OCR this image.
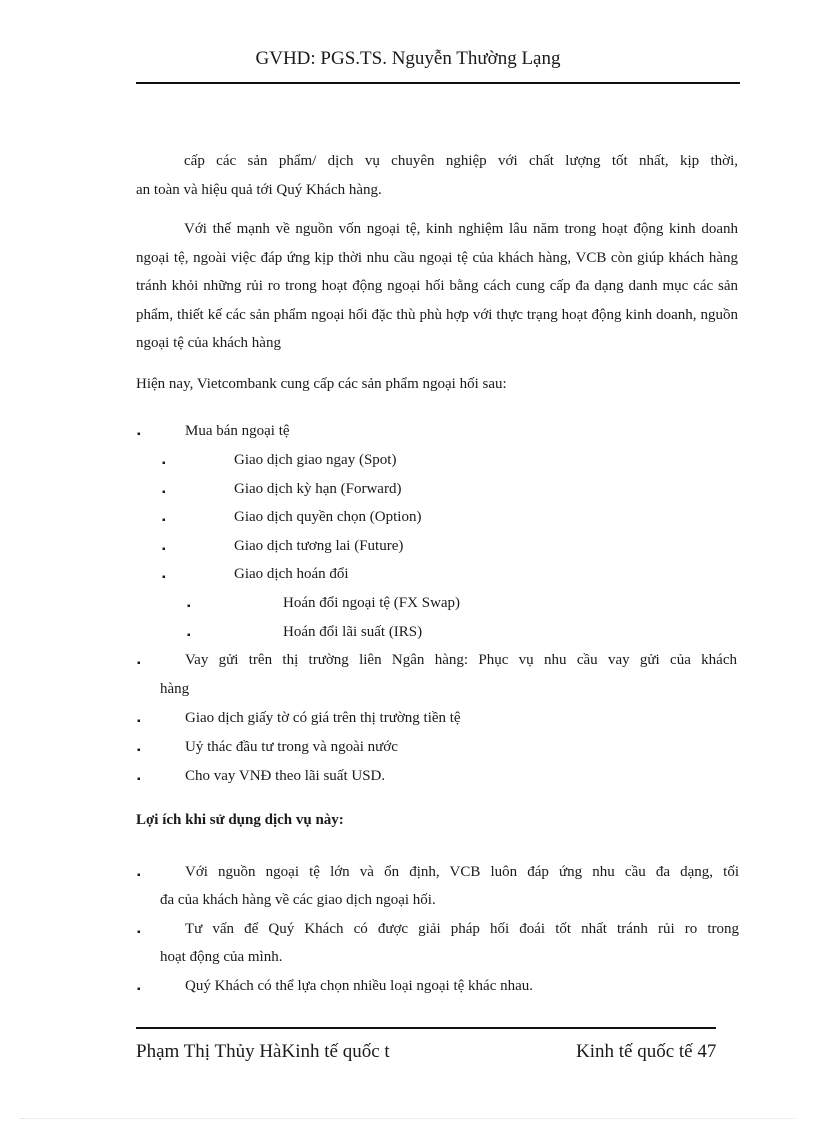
GVHD: PGS.TS. Nguyễn Thường Lạng
cấp các sản phẩm/ dịch vụ chuyên nghiệp với chất lượng tốt nhất, kịp thời,
an toàn và hiệu quả tới Quý Khách hàng.
Với thế mạnh về nguồn vốn ngoại tệ, kinh nghiệm lâu năm trong hoạt động kinh doanh ngoại tệ, ngoài việc đáp ứng kịp thời nhu cầu ngoại tệ của khách hàng, VCB còn giúp khách hàng tránh khỏi những rủi ro trong hoạt động ngoại hối bằng cách cung cấp đa dạng danh mục các sản phẩm, thiết kế các sản phẩm ngoại hối đặc thù phù hợp với thực trạng hoạt động kinh doanh, nguồn ngoại tệ của khách hàng
Hiện nay, Vietcombank cung cấp các sản phẩm ngoại hối sau:
▪	Mua bán ngoại tệ
▪	Giao dịch giao ngay (Spot)
▪	Giao dịch kỳ hạn (Forward)
▪	Giao dịch quyền chọn (Option)
▪	Giao dịch tương lai (Future)
▪	Giao dịch hoán đổi
▪	Hoán đổi ngoại tệ (FX Swap)
▪	Hoán đổi lãi suất (IRS)
▪	Vay gửi trên thị trường liên Ngân hàng: Phục vụ nhu cầu vay gửi của khách
hàng
▪	Giao dịch giấy tờ có giá trên thị trường tiền tệ
▪	Uỷ thác đầu tư trong và ngoài nước
▪	Cho vay VNĐ theo lãi suất USD.
Lợi ích khi sử dụng dịch vụ này:
▪	Với nguồn ngoại tệ lớn và ổn định, VCB luôn đáp ứng nhu cầu đa dạng, tối
đa của khách hàng về các giao dịch ngoại hối.
▪	Tư vấn để Quý Khách có được giải pháp hối đoái tốt nhất tránh rủi ro trong
hoạt động của mình.
▪	Quý Khách có thể lựa chọn nhiều loại ngoại tệ khác nhau.
Phạm Thị Thủy HàKinh tế quốc t	Kinh tế quốc tế 47
